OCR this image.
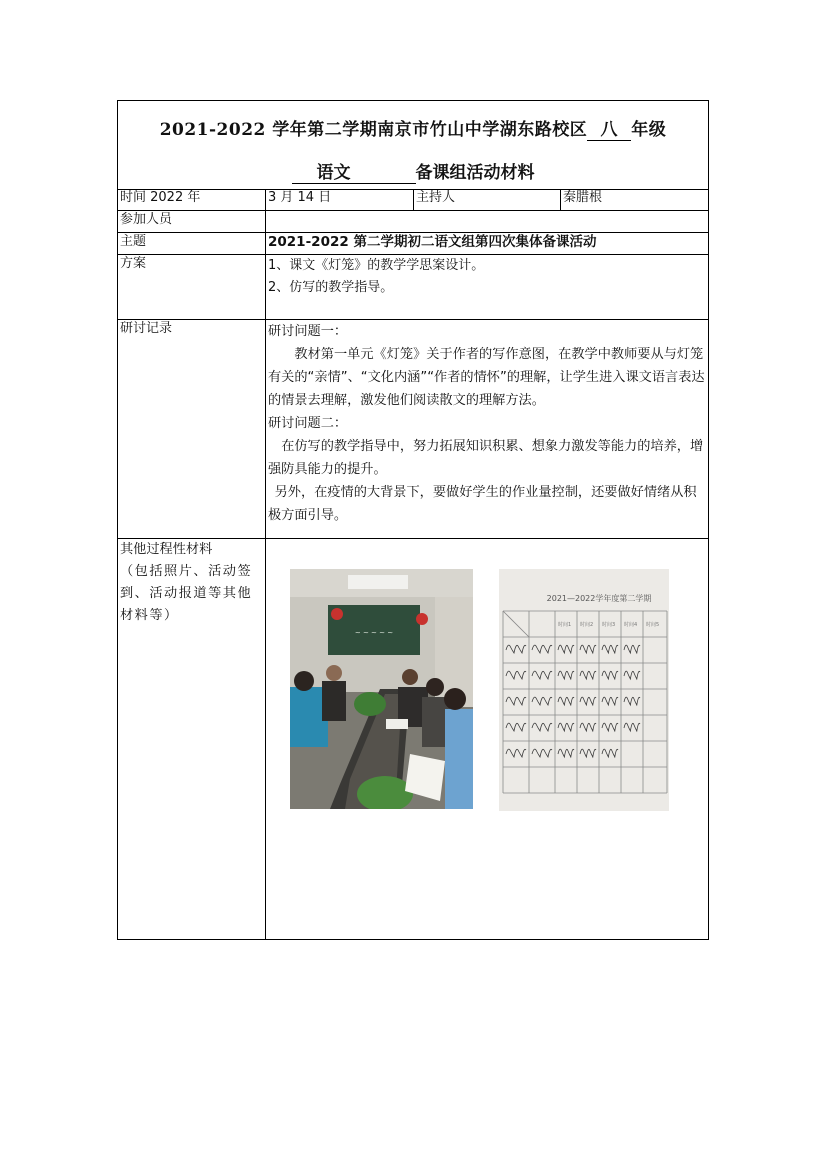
2021-2022 学年第二学期南京市竹山中学湖东路校区 八 年级
语文	备课组活动材料
时间 2022 年	3 月 14 日	主持人	秦腊根
参加人员
主题	2021-2022 第二学期初二语文组第四次集体备课活动
方案	1、课文《灯笼》的教学学思案设计。
2、仿写的教学指导。
研讨记录	研讨问题一：

教材第一单元《灯笼》关于作者的写作意图，在教学中教师要从与灯笼有关的“亲情”、“文化内涵”“作者的情怀”的理解，让学生进入课文语言表达的情景去理解，激发他们阅读散文的理解方法。

研讨问题二：

在仿写的教学指导中，努力拓展知识积累、想象力激发等能力的培养，增强防具能力的提升。

另外，在疫情的大背景下，要做好学生的作业量控制，还要做好情绪从积极方面引导。

其他过程性材料
（包括照片、活动签到、活动报道等其他材料等）
~ ~ ~ ~ ~
2021—2022学年度第二学期
时间1 时间2 时间3 时间4 时间5
